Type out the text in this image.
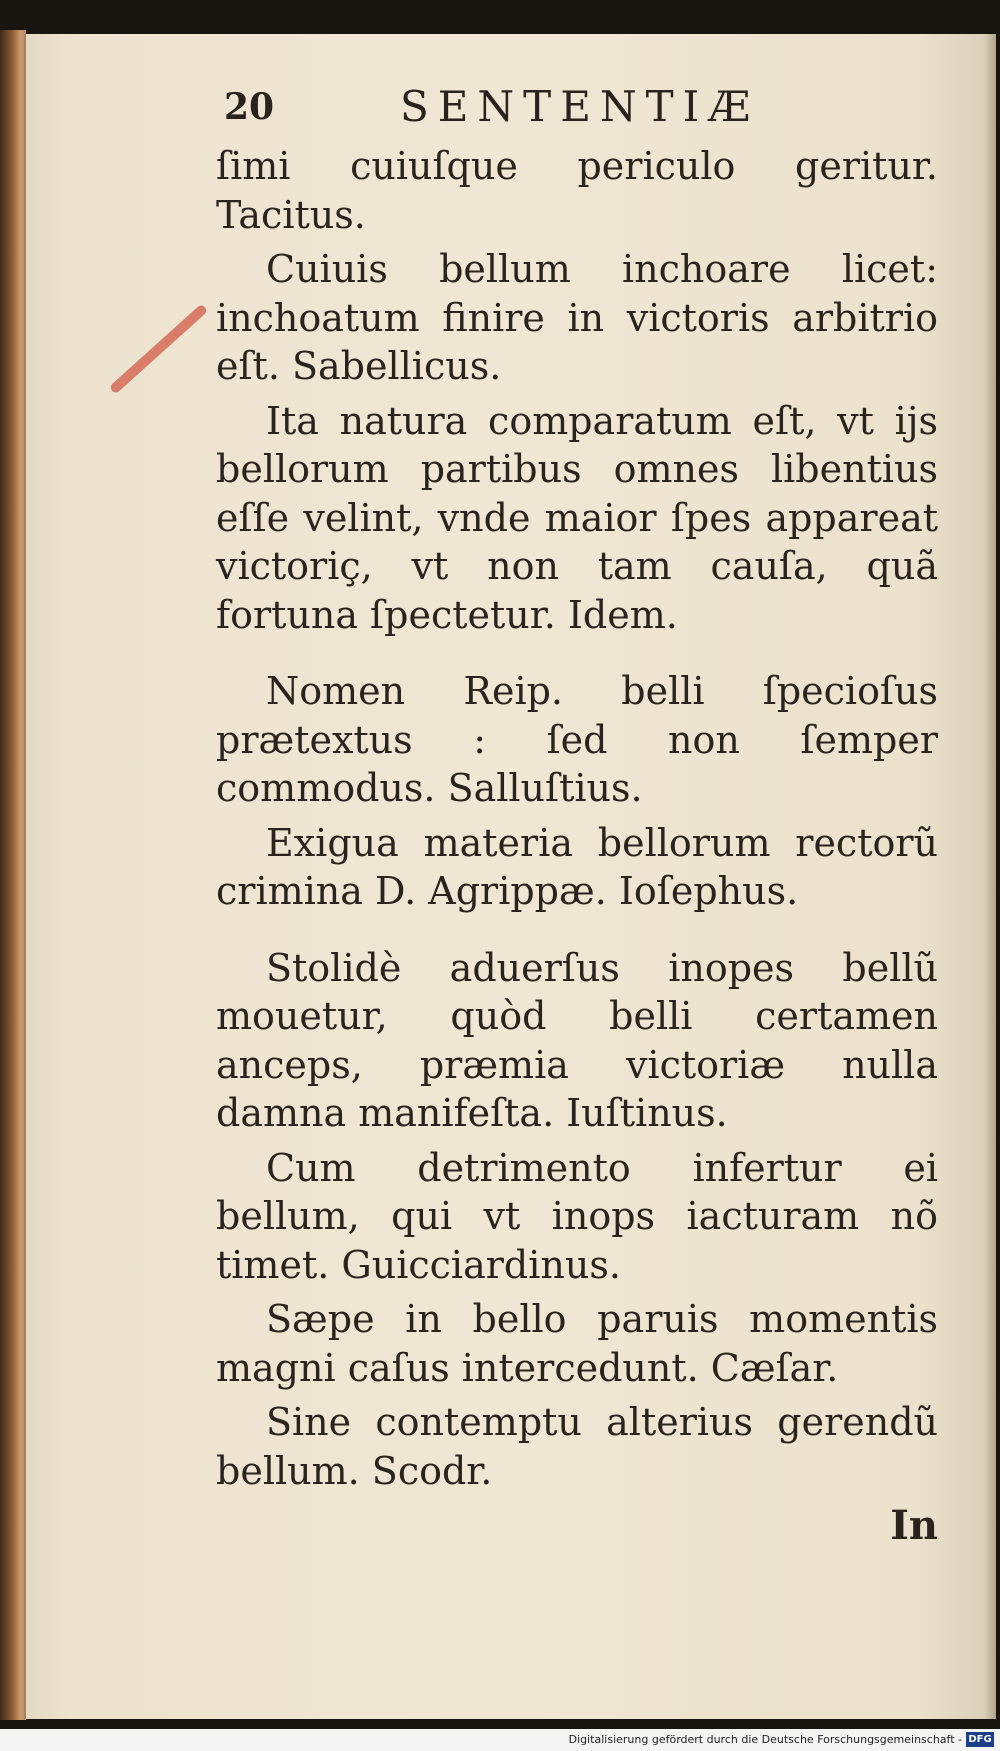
20	SENTENTIÆ

ſimi cuiuſque periculo geritur. Tacitus.

Cuiuis bellum inchoare licet: inchoatum finire in victoris arbitrio eſt. Sabellicus.

Ita natura comparatum eſt, vt ijs bellorum partibus omnes libentius eſſe velint, vnde maior ſpes appareat victoriç, vt non tam cauſa, quã fortuna ſpectetur. Idem.

Nomen Reip. belli ſpecioſus prætextus : ſed non ſemper commodus. Salluſtius.

Exigua materia bellorum rectorũ crimina D. Agrippæ. Ioſephus.

Stolidè aduerſus inopes bellũ mouetur, quòd belli certamen anceps, præmia victoriæ nulla damna manifeſta. Iuſtinus.

Cum detrimento infertur ei bellum, qui vt inops iacturam nõ timet. Guicciardinus.

Sæpe in bello paruis momentis magni caſus intercedunt. Cæſar.

Sine contemptu alterius gerendũ bellum. Scodr.

In
Digitalisierung gefördert durch die Deutsche Forschungsgemeinschaft - DFG
